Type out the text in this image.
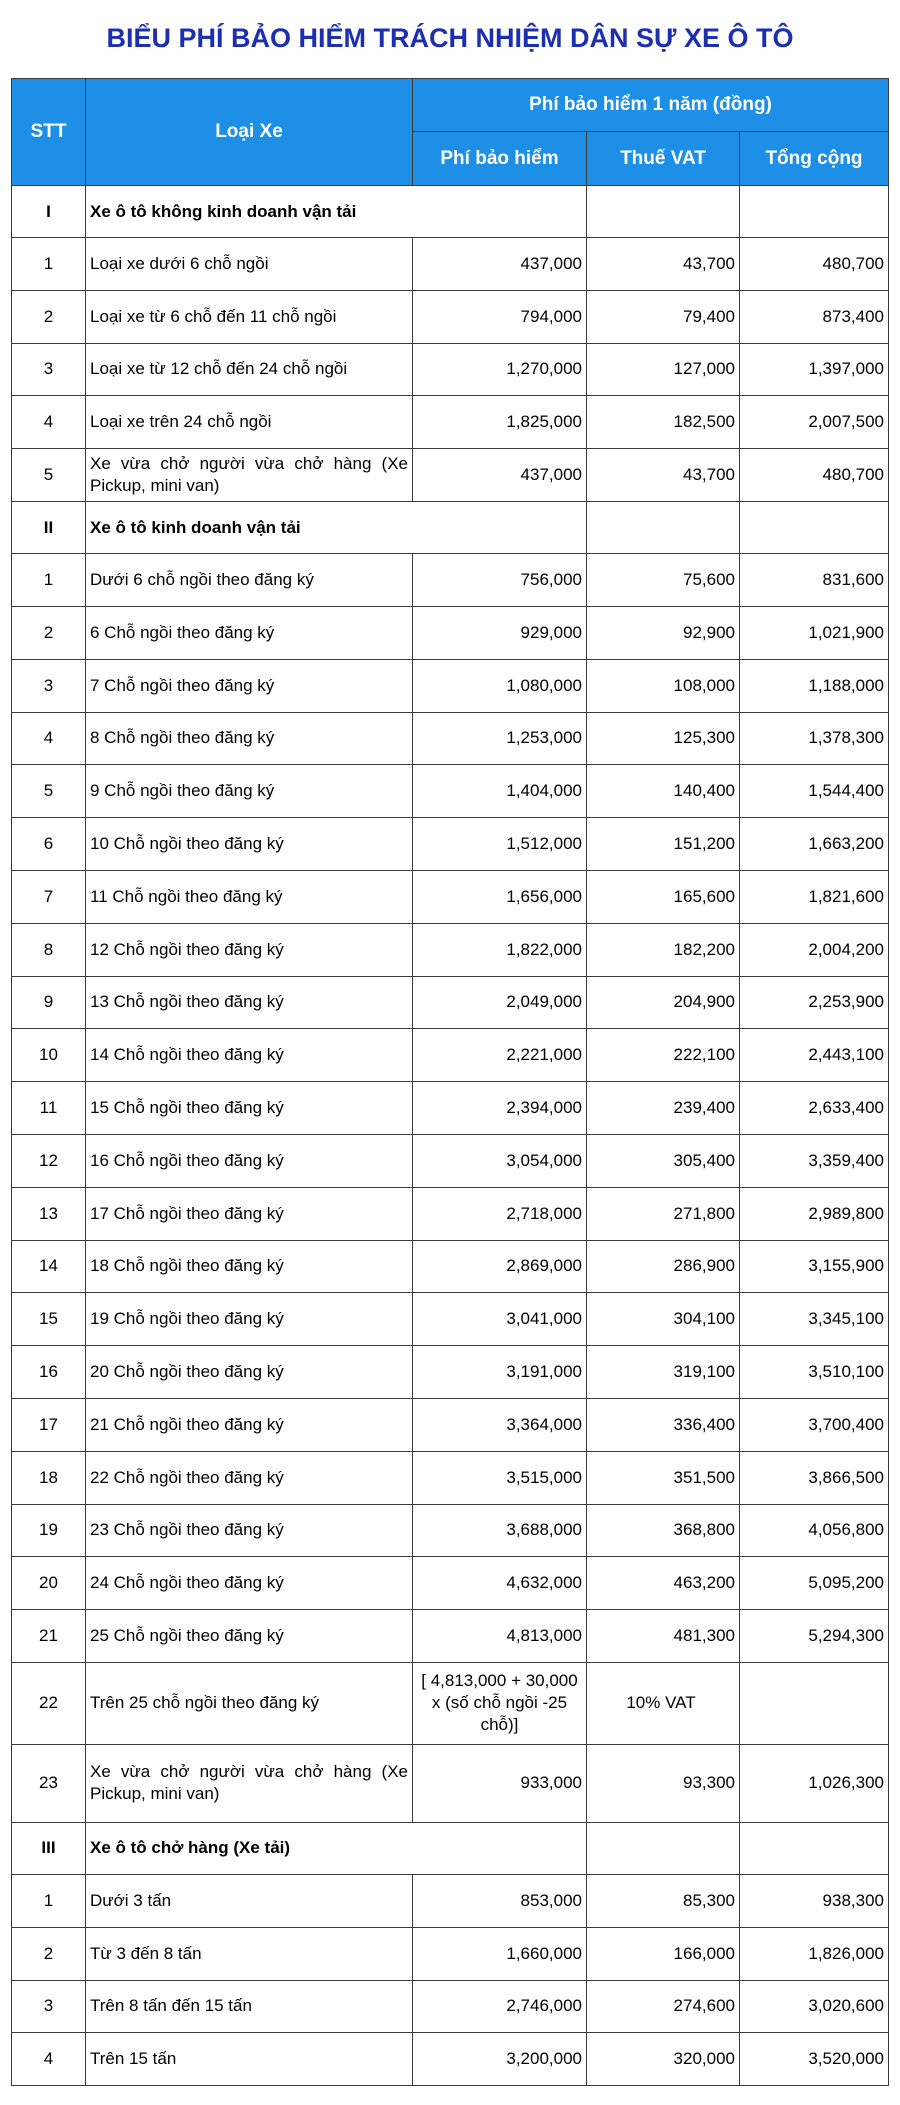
BIỂU PHÍ BẢO HIỂM TRÁCH NHIỆM DÂN SỰ XE Ô TÔ
STT	Loại Xe	Phí bảo hiểm 1 năm (đồng)		
		Phí bảo hiểm	Thuế VAT	Tổng cộng
I	Xe ô tô không kinh doanh vận tải			
1	Loại xe dưới 6 chỗ ngồi	437,000	43,700	480,700
2	Loại xe từ 6 chỗ đến 11 chỗ ngồi	794,000	79,400	873,400
3	Loại xe từ 12 chỗ đến 24 chỗ ngồi	1,270,000	127,000	1,397,000
4	Loại xe trên 24 chỗ ngồi	1,825,000	182,500	2,007,500
5	Xe vừa chở người vừa chở hàng (Xe Pickup, mini van)	437,000	43,700	480,700
II	Xe ô tô kinh doanh vận tải			
1	Dưới 6 chỗ ngồi theo đăng ký	756,000	75,600	831,600
2	6 Chỗ ngồi theo đăng ký	929,000	92,900	1,021,900
3	7 Chỗ ngồi theo đăng ký	1,080,000	108,000	1,188,000
4	8 Chỗ ngồi theo đăng ký	1,253,000	125,300	1,378,300
5	9 Chỗ ngồi theo đăng ký	1,404,000	140,400	1,544,400
6	10 Chỗ ngồi theo đăng ký	1,512,000	151,200	1,663,200
7	11 Chỗ ngồi theo đăng ký	1,656,000	165,600	1,821,600
8	12 Chỗ ngồi theo đăng ký	1,822,000	182,200	2,004,200
9	13 Chỗ ngồi theo đăng ký	2,049,000	204,900	2,253,900
10	14 Chỗ ngồi theo đăng ký	2,221,000	222,100	2,443,100
11	15 Chỗ ngồi theo đăng ký	2,394,000	239,400	2,633,400
12	16 Chỗ ngồi theo đăng ký	3,054,000	305,400	3,359,400
13	17 Chỗ ngồi theo đăng ký	2,718,000	271,800	2,989,800
14	18 Chỗ ngồi theo đăng ký	2,869,000	286,900	3,155,900
15	19 Chỗ ngồi theo đăng ký	3,041,000	304,100	3,345,100
16	20 Chỗ ngồi theo đăng ký	3,191,000	319,100	3,510,100
17	21 Chỗ ngồi theo đăng ký	3,364,000	336,400	3,700,400
18	22 Chỗ ngồi theo đăng ký	3,515,000	351,500	3,866,500
19	23 Chỗ ngồi theo đăng ký	3,688,000	368,800	4,056,800
20	24 Chỗ ngồi theo đăng ký	4,632,000	463,200	5,095,200
21	25 Chỗ ngồi theo đăng ký	4,813,000	481,300	5,294,300
22	Trên 25 chỗ ngồi theo đăng ký	[ 4,813,000 + 30,000 x (số chỗ ngồi -25 chỗ)]	10% VAT	
23	Xe vừa chở người vừa chở hàng (Xe Pickup, mini van)	933,000	93,300	1,026,300
III	Xe ô tô chở hàng (Xe tải)			
1	Dưới 3 tấn	853,000	85,300	938,300
2	Từ 3 đến 8 tấn	1,660,000	166,000	1,826,000
3	Trên 8 tấn đến 15 tấn	2,746,000	274,600	3,020,600
4	Trên 15 tấn	3,200,000	320,000	3,520,000
